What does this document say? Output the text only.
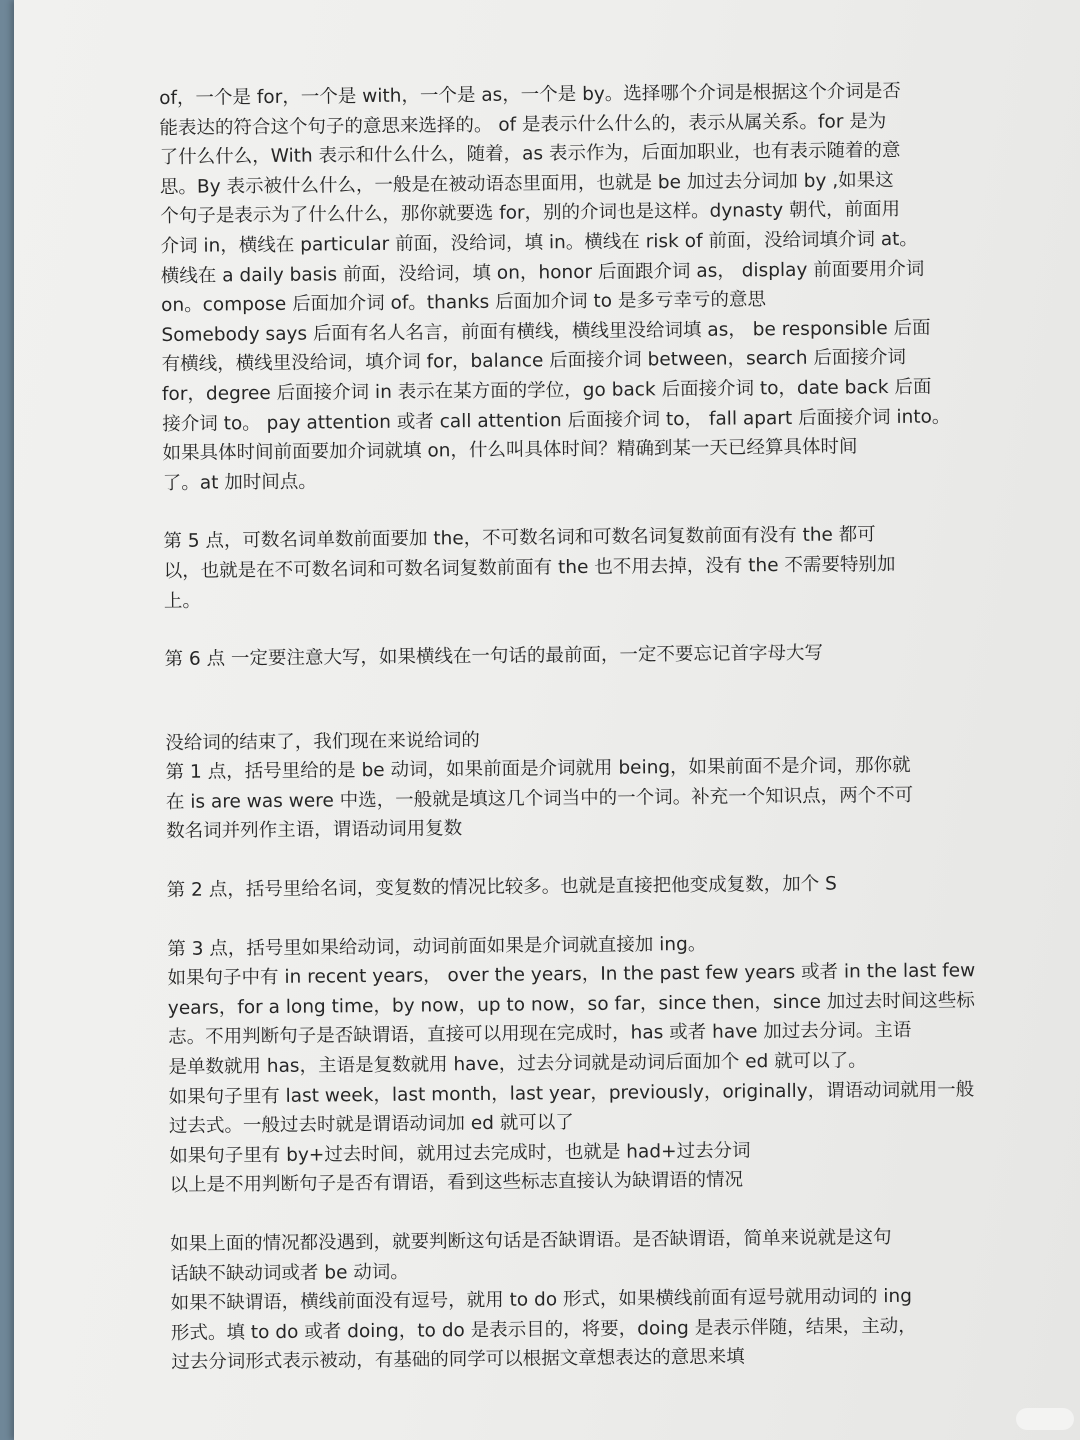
of，一个是 for，一个是 with，一个是 as，一个是 by。选择哪个介词是根据这个介词是否
能表达的符合这个句子的意思来选择的。 of 是表示什么什么的，表示从属关系。for 是为
了什么什么，With 表示和什么什么，随着，as 表示作为，后面加职业，也有表示随着的意
思。By 表示被什么什么，一般是在被动语态里面用，也就是 be 加过去分词加 by ,如果这
个句子是表示为了什么什么，那你就要选 for，别的介词也是这样。dynasty 朝代，前面用
介词 in，横线在 particular 前面，没给词，填 in。横线在 risk of 前面，没给词填介词 at。
横线在 a daily basis 前面，没给词，填 on，honor 后面跟介词 as， display 前面要用介词
on。compose 后面加介词 of。thanks 后面加介词 to 是多亏幸亏的意思
Somebody says 后面有名人名言，前面有横线，横线里没给词填 as， be responsible 后面
有横线，横线里没给词，填介词 for，balance 后面接介词 between，search 后面接介词
for，degree 后面接介词 in 表示在某方面的学位，go back 后面接介词 to，date back 后面
接介词 to。 pay attention 或者 call attention 后面接介词 to， fall apart 后面接介词 into。
如果具体时间前面要加介词就填 on，什么叫具体时间？精确到某一天已经算具体时间
了。at 加时间点。
第 5 点，可数名词单数前面要加 the，不可数名词和可数名词复数前面有没有 the 都可
以，也就是在不可数名词和可数名词复数前面有 the 也不用去掉，没有 the 不需要特别加
上。
第 6 点 一定要注意大写，如果横线在一句话的最前面，一定不要忘记首字母大写
没给词的结束了，我们现在来说给词的
第 1 点，括号里给的是 be 动词，如果前面是介词就用 being，如果前面不是介词，那你就
在 is are was were 中选，一般就是填这几个词当中的一个词。补充一个知识点，两个不可
数名词并列作主语，谓语动词用复数
第 2 点，括号里给名词，变复数的情况比较多。也就是直接把他变成复数，加个 S
第 3 点，括号里如果给动词，动词前面如果是介词就直接加 ing。
如果句子中有 in recent years， over the years，In the past few years 或者 in the last few
years，for a long time，by now，up to now，so far，since then，since 加过去时间这些标
志。不用判断句子是否缺谓语，直接可以用现在完成时，has 或者 have 加过去分词。主语
是单数就用 has，主语是复数就用 have，过去分词就是动词后面加个 ed 就可以了。
如果句子里有 last week，last month，last year，previously，originally，谓语动词就用一般
过去式。一般过去时就是谓语动词加 ed 就可以了
如果句子里有 by+过去时间，就用过去完成时，也就是 had+过去分词
以上是不用判断句子是否有谓语，看到这些标志直接认为缺谓语的情况
如果上面的情况都没遇到，就要判断这句话是否缺谓语。是否缺谓语，简单来说就是这句
话缺不缺动词或者 be 动词。
如果不缺谓语，横线前面没有逗号，就用 to do 形式，如果横线前面有逗号就用动词的 ing
形式。填 to do 或者 doing，to do 是表示目的，将要，doing 是表示伴随，结果，主动，
过去分词形式表示被动，有基础的同学可以根据文章想表达的意思来填
